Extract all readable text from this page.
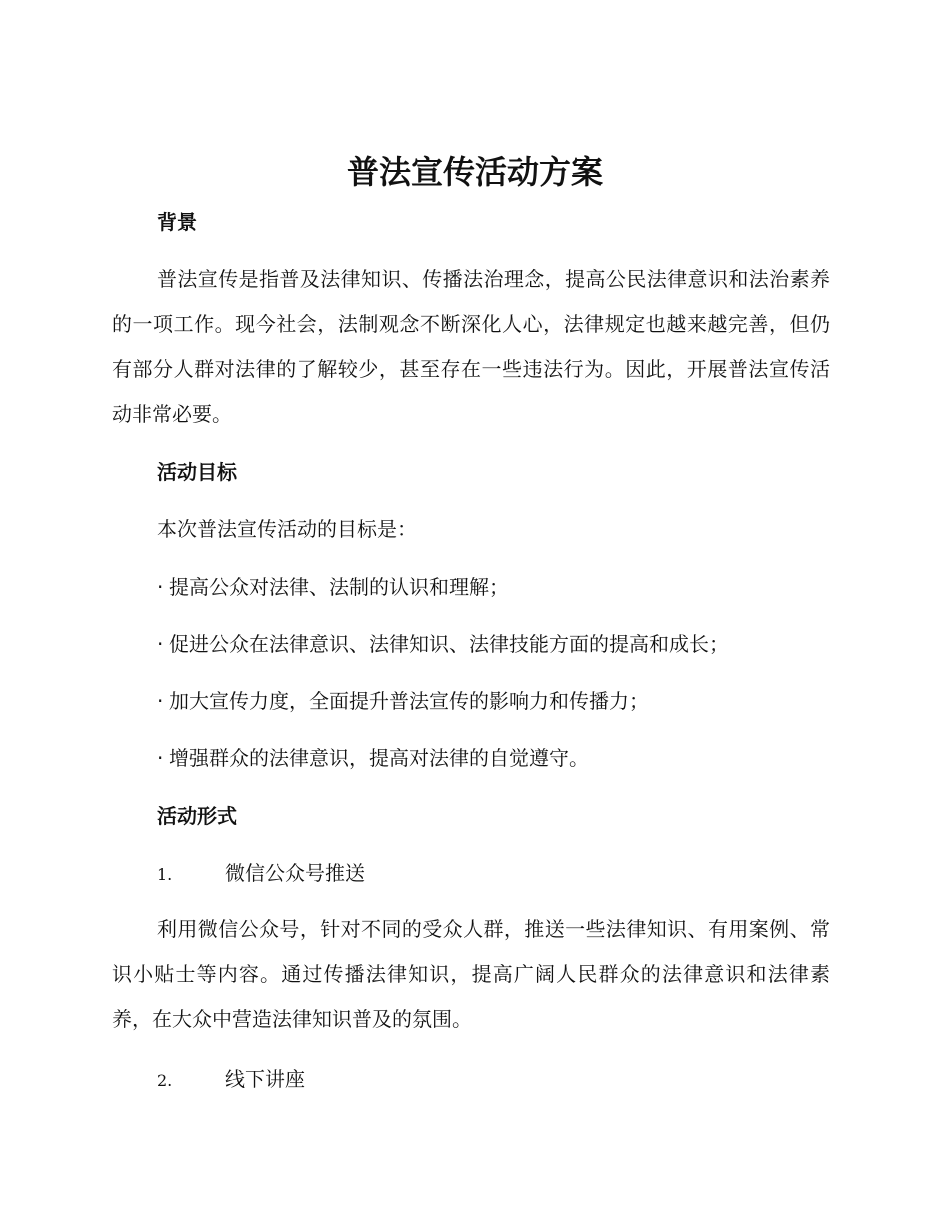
普法宣传活动方案
背景

普法宣传是指普及法律知识、传播法治理念，提高公民法律意识和法治素养的一项工作。现今社会，法制观念不断深化人心，法律规定也越来越完善，但仍有部分人群对法律的了解较少，甚至存在一些违法行为。因此，开展普法宣传活动非常必要。

活动目标
本次普法宣传活动的目标是：
· 提高公众对法律、法制的认识和理解；
· 促进公众在法律意识、法律知识、法律技能方面的提高和成长；
· 加大宣传力度，全面提升普法宣传的影响力和传播力；
· 增强群众的法律意识，提高对法律的自觉遵守。
活动形式
1.	微信公众号推送

利用微信公众号，针对不同的受众人群，推送一些法律知识、有用案例、常识小贴士等内容。通过传播法律知识，提高广阔人民群众的法律意识和法律素养，在大众中营造法律知识普及的氛围。

2.	线下讲座
